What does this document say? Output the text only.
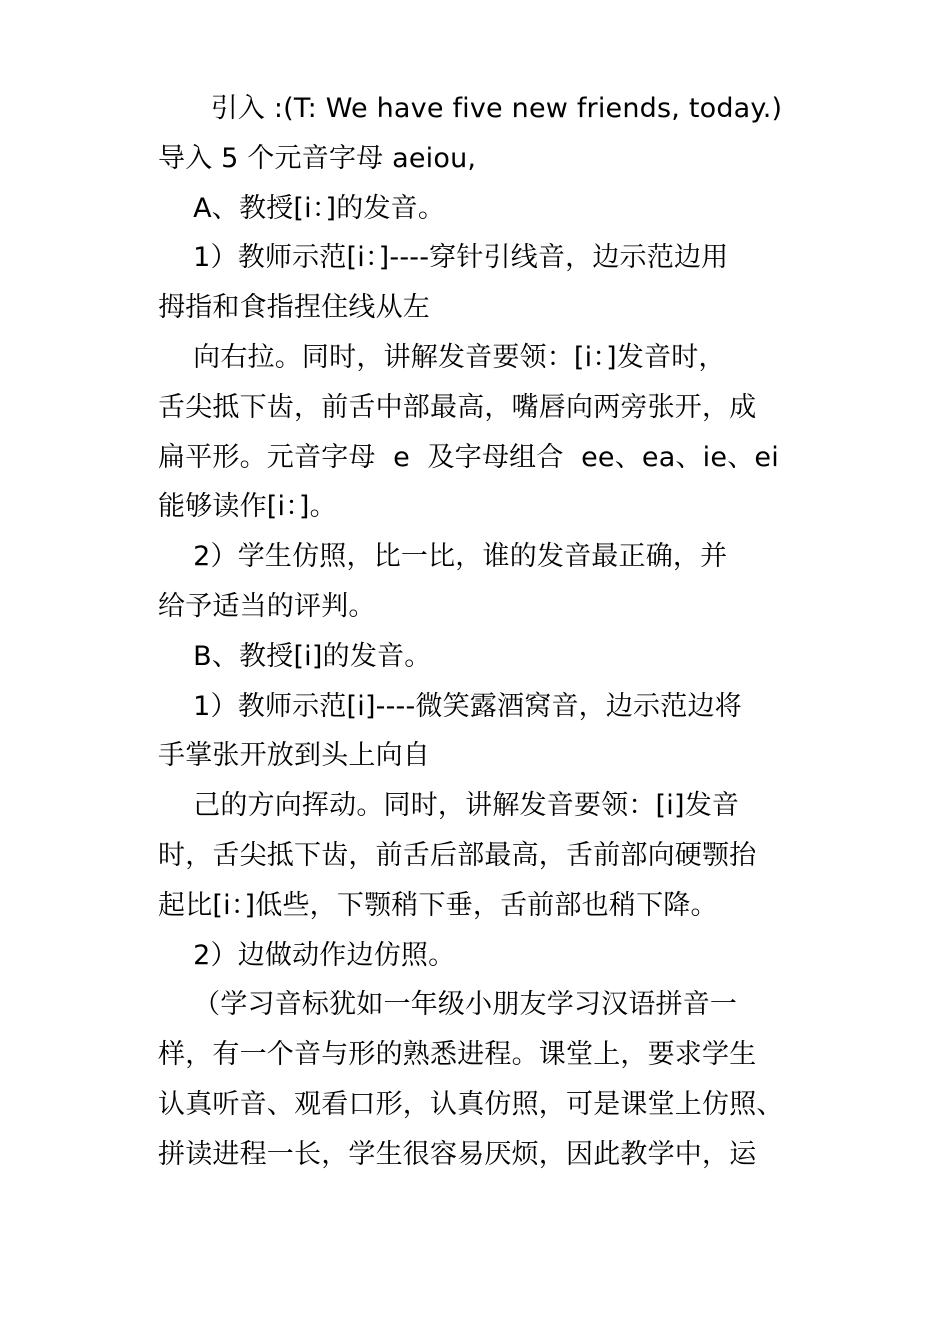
引入 :(T: We have five new friends, today.)
导入 5 个元音字母 aeiou,
A、教授[i：]的发音。
1）教师示范[i：]----穿针引线音，边示范边用
拇指和食指捏住线从左
向右拉。同时，讲解发音要领：[i：]发音时，
舌尖抵下齿，前舌中部最高，嘴唇向两旁张开，成
扁平形。元音字母  e  及字母组合  ee、ea、ie、ei
能够读作[i：]。
2）学生仿照，比一比，谁的发音最正确，并
给予适当的评判。
B、教授[i]的发音。
1）教师示范[i]----微笑露酒窝音，边示范边将
手掌张开放到头上向自
己的方向挥动。同时，讲解发音要领：[i]发音
时，舌尖抵下齿，前舌后部最高，舌前部向硬颚抬
起比[i：]低些，下颚稍下垂，舌前部也稍下降。
2）边做动作边仿照。
（学习音标犹如一年级小朋友学习汉语拼音一
样，有一个音与形的熟悉进程。课堂上，要求学生
认真听音、观看口形，认真仿照，可是课堂上仿照、
拼读进程一长，学生很容易厌烦，因此教学中，运
